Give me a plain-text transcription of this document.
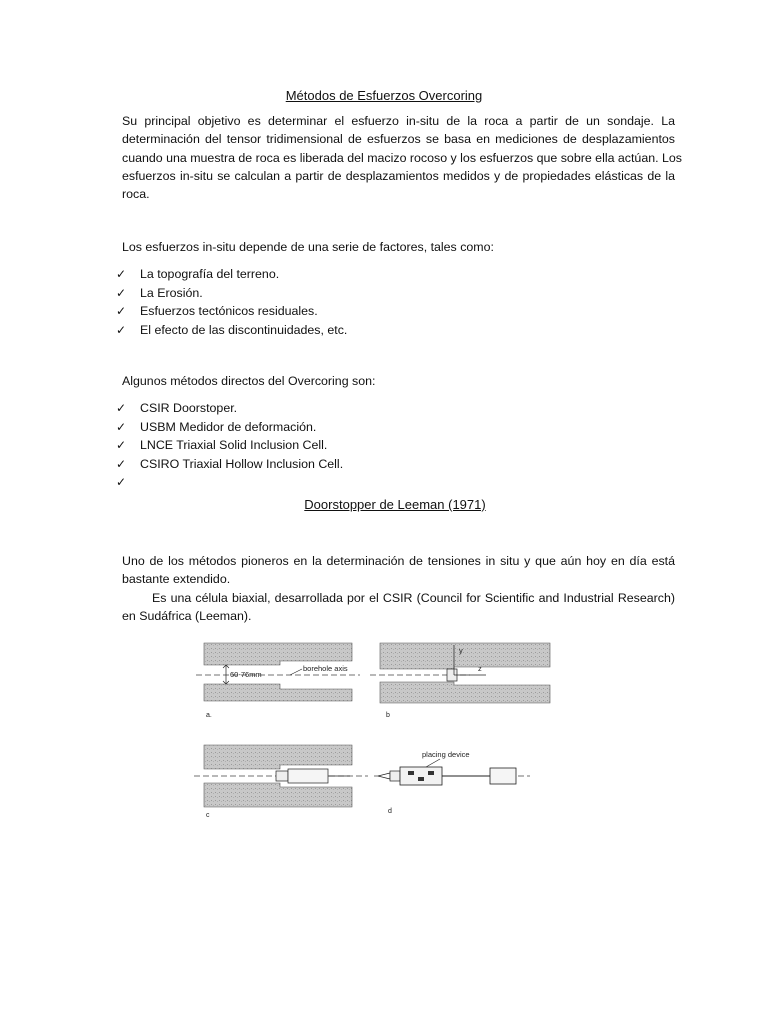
Métodos de Esfuerzos Overcoring
Su principal objetivo es determinar el esfuerzo in-situ de la roca a partir de un sondaje. La
determinación del tensor tridimensional de esfuerzos se basa en mediciones de desplazamientos
cuando una muestra de roca es liberada del macizo rocoso y los esfuerzos que sobre ella actúan. Los
esfuerzos in-situ se calculan a partir de desplazamientos medidos y de propiedades elásticas de la
roca.

Los esfuerzos in-situ depende de una serie de factores, tales como:

✓ La topografía del terreno.
✓ La Erosión.
✓ Esfuerzos tectónicos residuales.
✓ El efecto de las discontinuidades, etc.

Algunos métodos directos del Overcoring son:

✓ CSIR Doorstoper.
✓ USBM Medidor de deformación.
✓ LNCE Triaxial Solid Inclusion Cell.
✓ CSIRO Triaxial Hollow Inclusion Cell.
✓
Doorstopper de Leeman (1971)
Uno de los métodos pioneros en la determinación de tensiones in situ y que aún hoy en día está
bastante extendido.
Es una célula biaxial, desarrollada por el CSIR (Council for Scientific and Industrial Research)
en Sudáfrica (Leeman).
60-76mm
borehole axis
a.
y
z
b
c
placing device
d
